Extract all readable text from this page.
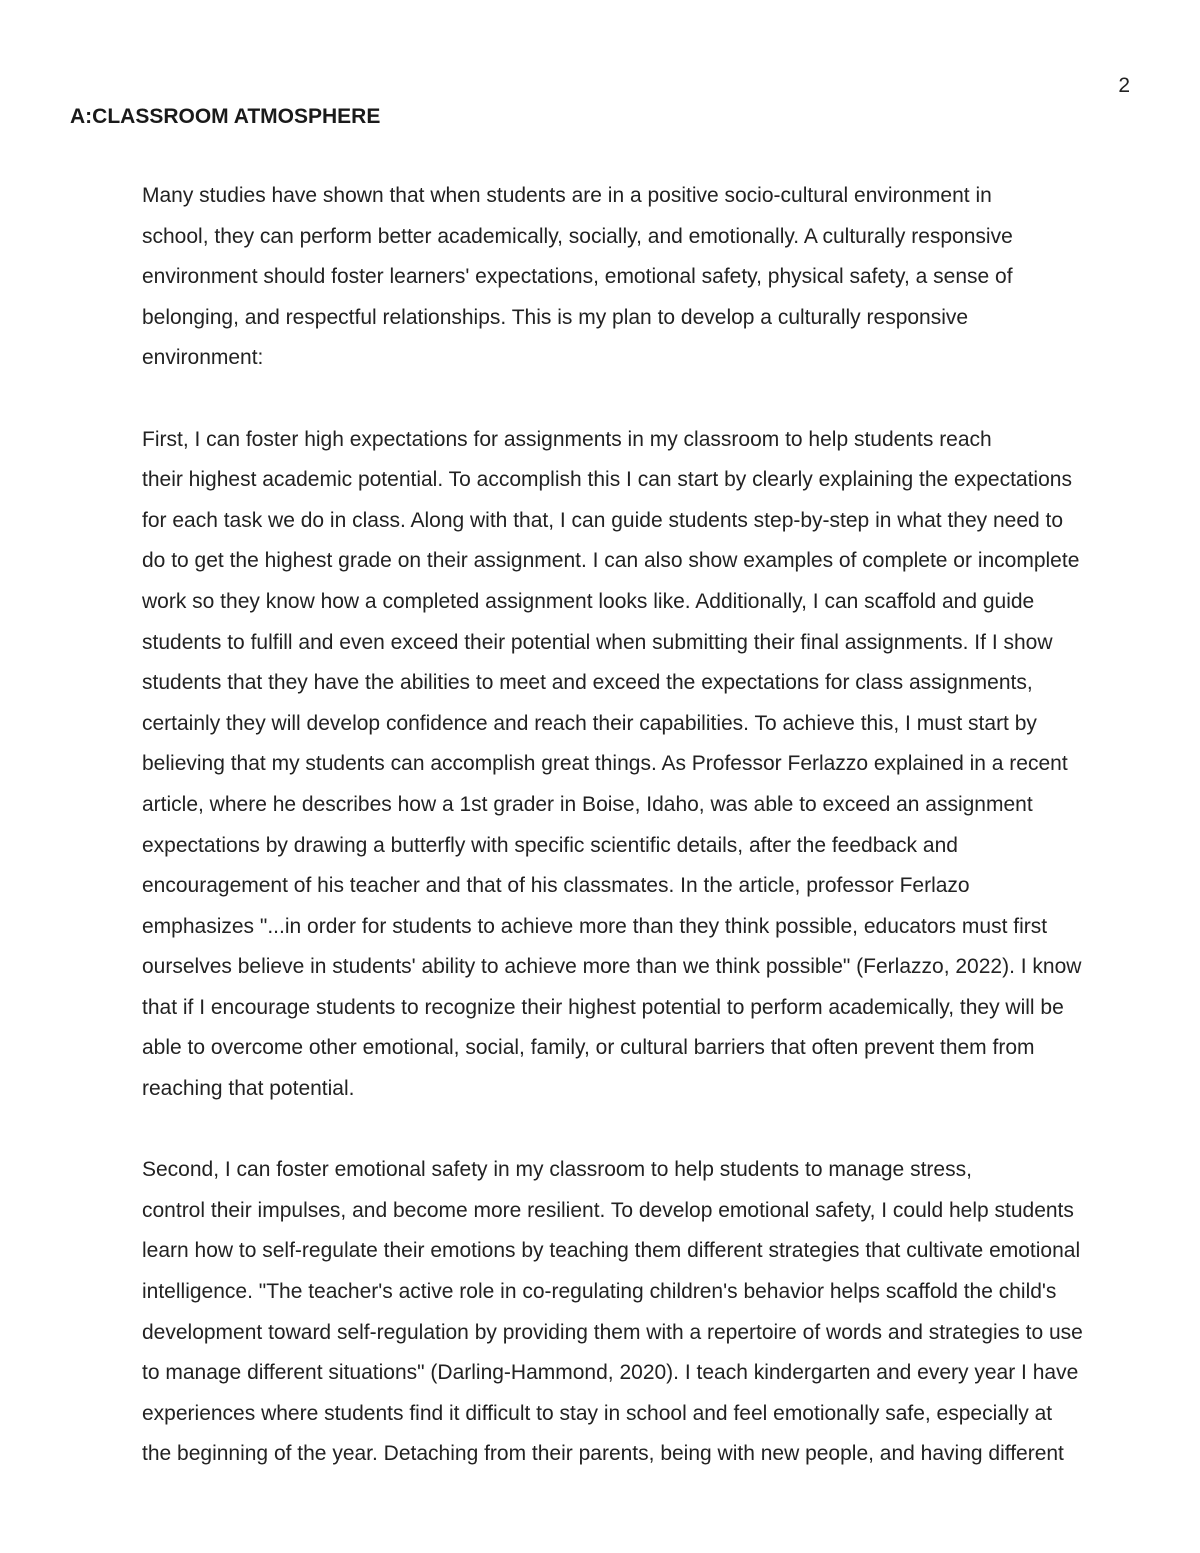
2
A:CLASSROOM ATMOSPHERE

Many studies have shown that when students are in a positive socio-cultural environment in
school, they can perform better academically, socially, and emotionally. A culturally responsive
environment should foster learners' expectations, emotional safety, physical safety, a sense of
belonging, and respectful relationships. This is my plan to develop a culturally responsive
environment:

First, I can foster high expectations for assignments in my classroom to help students reach
their highest academic potential. To accomplish this I can start by clearly explaining the expectations
for each task we do in class. Along with that, I can guide students step-by-step in what they need to
do to get the highest grade on their assignment. I can also show examples of complete or incomplete
work so they know how a completed assignment looks like. Additionally, I can scaffold and guide
students to fulfill and even exceed their potential when submitting their final assignments. If I show
students that they have the abilities to meet and exceed the expectations for class assignments,
certainly they will develop confidence and reach their capabilities. To achieve this, I must start by
believing that my students can accomplish great things. As Professor Ferlazzo explained in a recent
article, where he describes how a 1st grader in Boise, Idaho, was able to exceed an assignment
expectations by drawing a butterfly with specific scientific details, after the feedback and
encouragement of his teacher and that of his classmates. In the article, professor Ferlazo
emphasizes "...in order for students to achieve more than they think possible, educators must first
ourselves believe in students' ability to achieve more than we think possible" (Ferlazzo, 2022). I know
that if I encourage students to recognize their highest potential to perform academically, they will be
able to overcome other emotional, social, family, or cultural barriers that often prevent them from
reaching that potential.

Second, I can foster emotional safety in my classroom to help students to manage stress,
control their impulses, and become more resilient. To develop emotional safety, I could help students
learn how to self-regulate their emotions by teaching them different strategies that cultivate emotional
intelligence. "The teacher's active role in co-regulating children's behavior helps scaffold the child's
development toward self-regulation by providing them with a repertoire of words and strategies to use
to manage different situations" (Darling-Hammond, 2020). I teach kindergarten and every year I have
experiences where students find it difficult to stay in school and feel emotionally safe, especially at
the beginning of the year. Detaching from their parents, being with new people, and having different
